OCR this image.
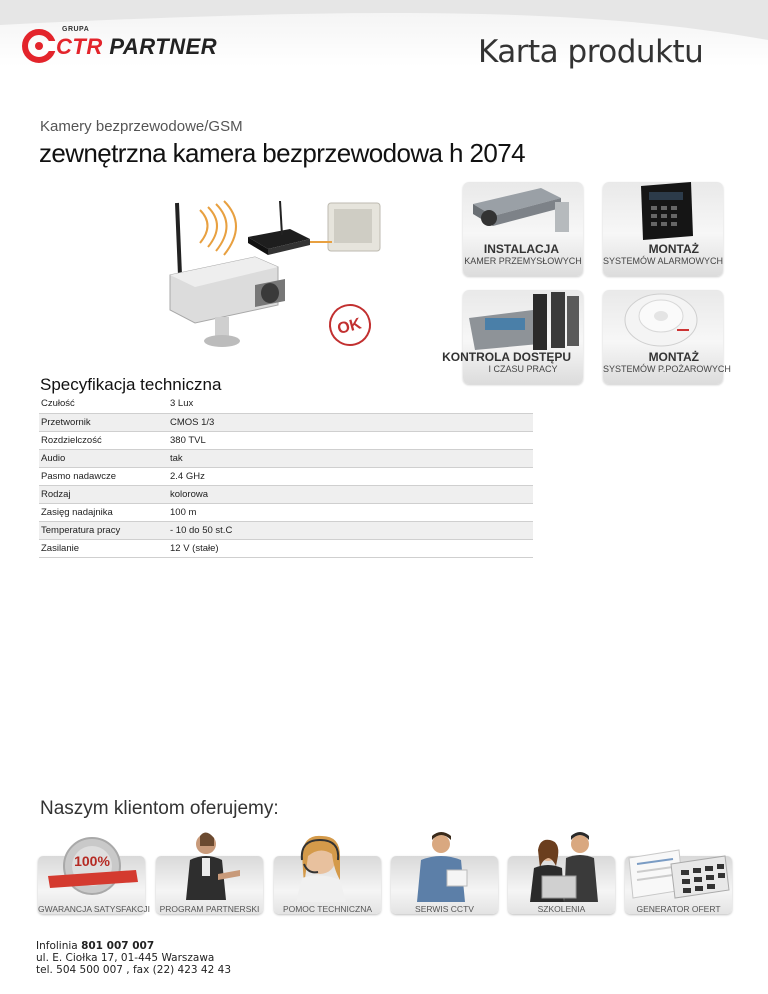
GRUPA
CTR PARTNER	Karta produktu
Kamery bezprzewodowe/GSM
zewnętrzna kamera bezprzewodowa h 2074
OK
INSTALACJA
KAMER PRZEMYSŁOWYCH
MONTAŻ
SYSTEMÓW ALARMOWYCH
KONTROLA DOSTĘPU
I CZASU PRACY
MONTAŻ
SYSTEMÓW P.POŻAROWYCH
Specyfikacja techniczna
Czułość	3 Lux
Przetwornik	CMOS 1/3
Rozdzielczość	380 TVL
Audio	tak
Pasmo nadawcze	2.4 GHz
Rodzaj	kolorowa
Zasięg nadajnika	100 m
Temperatura pracy	- 10 do 50 st.C
Zasilanie	12 V (stałe)
Naszym klientom oferujemy:
100%
GWARANCJA SATYSFAKCJI	PROGRAM PARTNERSKI	POMOC TECHNICZNA	SERWIS CCTV	SZKOLENIA	GENERATOR OFERT
Infolinia 801 007 007
ul. E. Ciołka 17, 01-445 Warszawa
tel. 504 500 007 , fax (22) 423 42 43
